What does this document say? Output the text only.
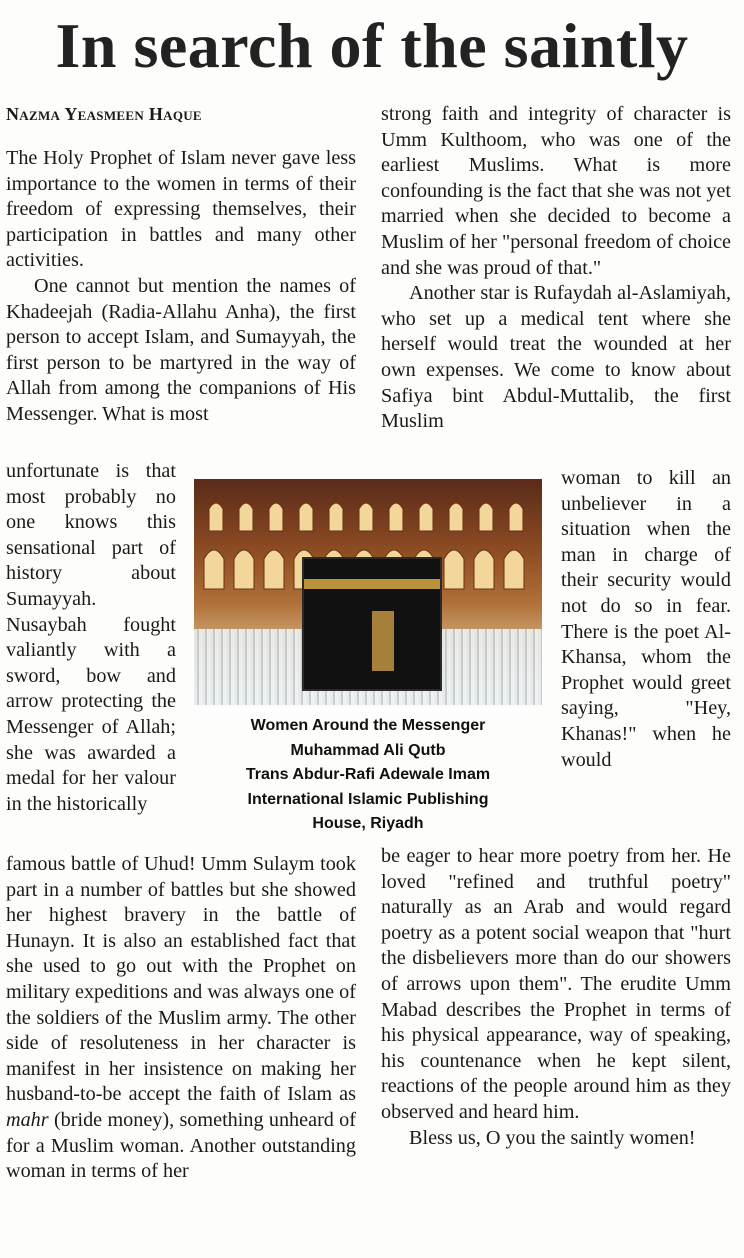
In search of the saintly
Nazma Yeasmeen Haque

The Holy Prophet of Islam never gave less importance to the women in terms of their freedom of expressing themselves, their participation in battles and many other activities.

One cannot but mention the names of Khadeejah (Radia-Allahu Anha), the first person to accept Islam, and Sumayyah, the first person to be martyred in the way of Allah from among the companions of His Messenger. What is most

unfortunate is that most probably no one knows this sensational part of history about Sumayyah. Nusaybah fought valiantly with a sword, bow and arrow protecting the Messenger of Allah; she was awarded a medal for her valour in the historically

famous battle of Uhud! Umm Sulaym took part in a number of battles but she showed her highest bravery in the battle of Hunayn. It is also an established fact that she used to go out with the Prophet on military expeditions and was always one of the soldiers of the Muslim army. The other side of resoluteness in her character is manifest in her insistence on making her husband-to-be accept the faith of Islam as mahr (bride money), something unheard of for a Muslim woman. Another outstanding woman in terms of her

Women Around the Messenger
Muhammad Ali Qutb
Trans Abdur-Rafi Adewale Imam
International Islamic Publishing
House, Riyadh

strong faith and integrity of character is Umm Kulthoom, who was one of the earliest Muslims. What is more confounding is the fact that she was not yet married when she decided to become a Muslim of her "personal freedom of choice and she was proud of that."

Another star is Rufaydah al-Aslamiyah, who set up a medical tent where she herself would treat the wounded at her own expenses. We come to know about Safiya bint Abdul-Muttalib, the first Muslim

woman to kill an unbeliever in a situation when the man in charge of their security would not do so in fear. There is the poet Al-Khansa, whom the Prophet would greet saying, "Hey, Khanas!" when he would

be eager to hear more poetry from her. He loved "refined and truthful poetry" naturally as an Arab and would regard poetry as a potent social weapon that "hurt the disbelievers more than do our showers of arrows upon them". The erudite Umm Mabad describes the Prophet in terms of his physical appearance, way of speaking, his countenance when he kept silent, reactions of the people around him as they observed and heard him.

Bless us, O you the saintly women!
